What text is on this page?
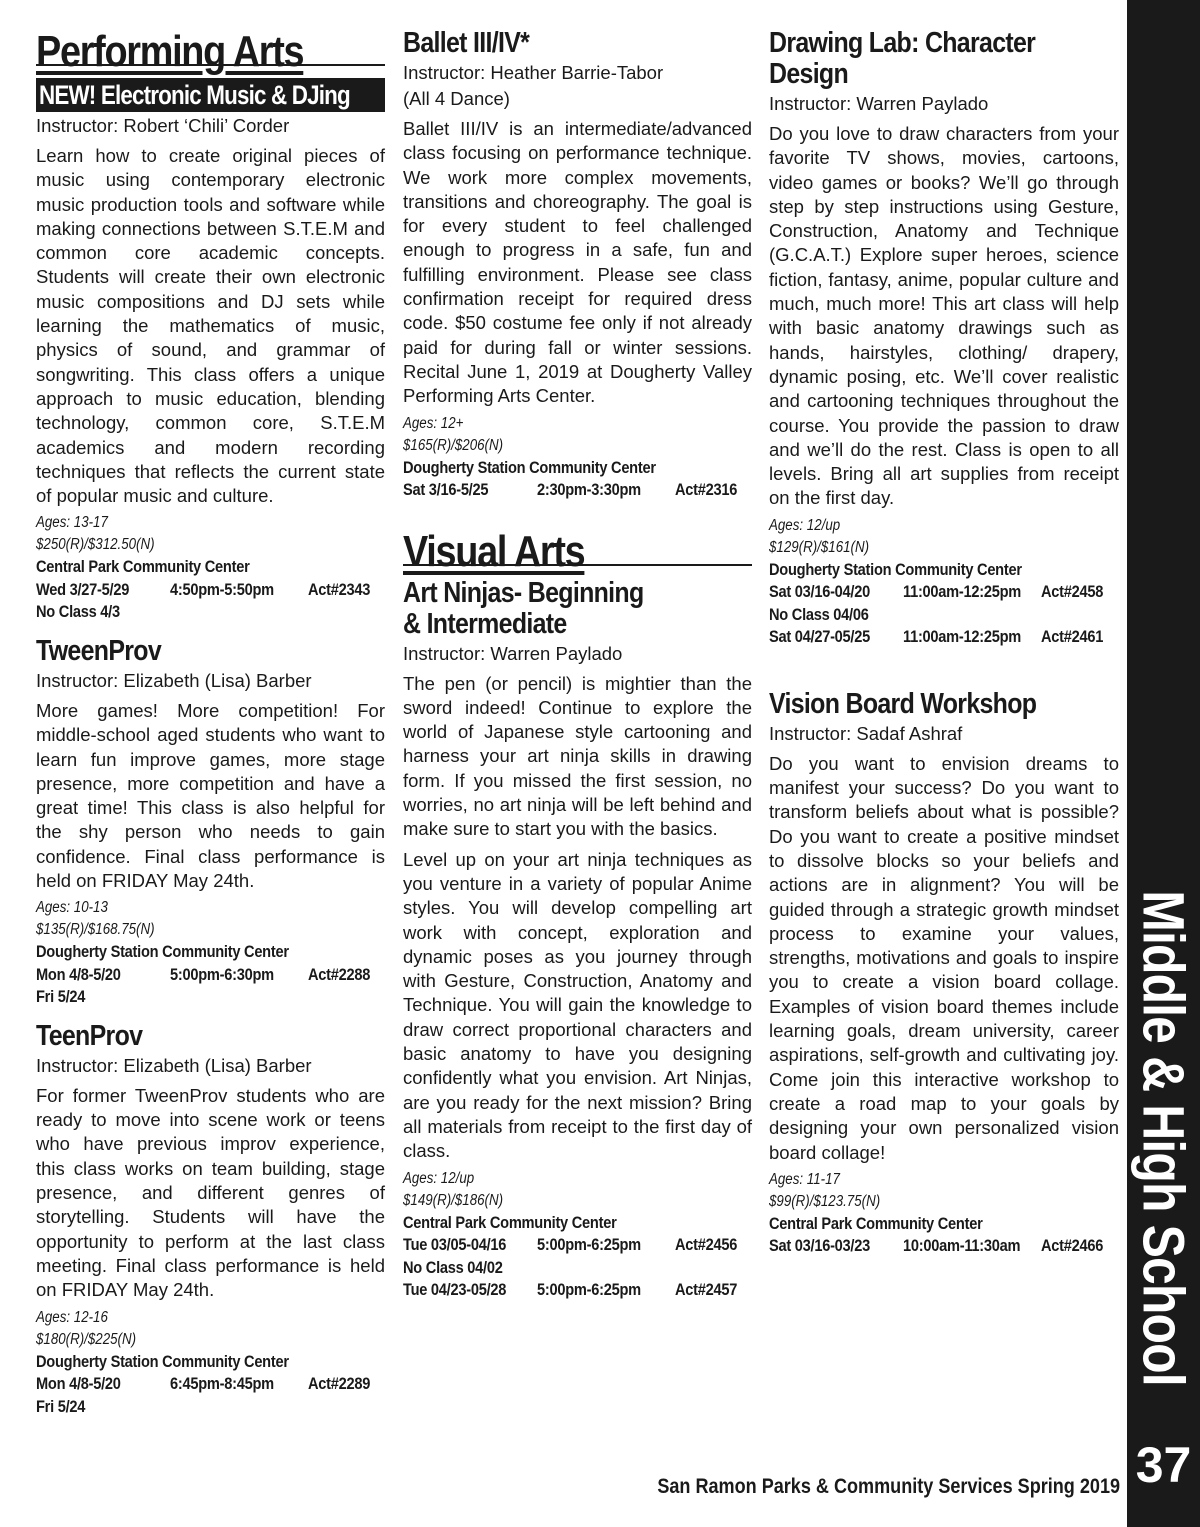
Performing Arts
NEW! Electronic Music & DJing
Instructor: Robert ‘Chili’ Corder
Learn how to create original pieces of music using contemporary electronic music production tools and software while making connections between S.T.E.M and common core academic concepts. Students will create their own electronic music compositions and DJ sets while learning the mathematics of music, physics of sound, and grammar of songwriting. This class offers a unique approach to music education, blending technology, common core, S.T.E.M academics and modern recording techniques that reflects the current state of popular music and culture.
Ages: 13-17
$250(R)/$312.50(N)
Central Park Community Center
Wed 3/27-5/29	4:50pm-5:50pm	Act#2343
No Class 4/3
TweenProv
Instructor: Elizabeth (Lisa) Barber
More games! More competition! For middle-school aged students who want to learn fun improve games, more stage presence, more competition and have a great time! This class is also helpful for the shy person who needs to gain confidence. Final class performance is held on FRIDAY May 24th.
Ages: 10-13
$135(R)/$168.75(N)
Dougherty Station Community Center
Mon 4/8-5/20	5:00pm-6:30pm	Act#2288
Fri 5/24
TeenProv
Instructor: Elizabeth (Lisa) Barber
For former TweenProv students who are ready to move into scene work or teens who have previous improv experience, this class works on team building, stage presence, and different genres of storytelling. Students will have the opportunity to perform at the last class meeting. Final class performance is held on FRIDAY May 24th.
Ages: 12-16
$180(R)/$225(N)
Dougherty Station Community Center
Mon 4/8-5/20	6:45pm-8:45pm	Act#2289
Fri 5/24
Ballet III/IV*
Instructor: Heather Barrie-Tabor
(All 4 Dance)
Ballet III/IV is an intermediate/advanced class focusing on performance technique. We work more complex movements, transitions and choreography. The goal is for every student to feel challenged enough to progress in a safe, fun and fulfilling environment. Please see class confirmation receipt for required dress code. $50 costume fee only if not already paid for during fall or winter sessions. Recital June 1, 2019 at Dougherty Valley Performing Arts Center.
Ages: 12+
$165(R)/$206(N)
Dougherty Station Community Center
Sat 3/16-5/25	2:30pm-3:30pm	Act#2316
Visual Arts
Art Ninjas- Beginning
& Intermediate
Instructor: Warren Paylado
The pen (or pencil) is mightier than the sword indeed! Continue to explore the world of Japanese style cartooning and harness your art ninja skills in drawing form. If you missed the first session, no worries, no art ninja will be left behind and make sure to start you with the basics.
Level up on your art ninja techniques as you venture in a variety of popular Anime styles. You will develop compelling art work with concept, exploration and dynamic poses as you journey through with Gesture, Construction, Anatomy and Technique. You will gain the knowledge to draw correct proportional characters and basic anatomy to have you designing confidently what you envision. Art Ninjas, are you ready for the next mission? Bring all materials from receipt to the first day of class.
Ages: 12/up
$149(R)/$186(N)
Central Park Community Center
Tue 03/05-04/16	5:00pm-6:25pm	Act#2456
No Class 04/02
Tue 04/23-05/28	5:00pm-6:25pm	Act#2457
Drawing Lab: Character
Design
Instructor: Warren Paylado
Do you love to draw characters from your favorite TV shows, movies, cartoons, video games or books? We’ll go through step by step instructions using Gesture, Construction, Anatomy and Technique (G.C.A.T.) Explore super heroes, science fiction, fantasy, anime, popular culture and much, much more! This art class will help with basic anatomy drawings such as hands, hairstyles, clothing/ drapery, dynamic posing, etc. We’ll cover realistic and cartooning techniques throughout the course. You provide the passion to draw and we’ll do the rest. Class is open to all levels. Bring all art supplies from receipt on the first day.
Ages: 12/up
$129(R)/$161(N)
Dougherty Station Community Center
Sat 03/16-04/20	11:00am-12:25pm Act#2458
No Class 04/06
Sat 04/27-05/25	11:00am-12:25pm Act#2461
Vision Board Workshop
Instructor: Sadaf Ashraf
Do you want to envision dreams to manifest your success? Do you want to transform beliefs about what is possible? Do you want to create a positive mindset to dissolve blocks so your beliefs and actions are in alignment? You will be guided through a strategic growth mindset process to examine your values, strengths, motivations and goals to inspire you to create a vision board collage. Examples of vision board themes include learning goals, dream university, career aspirations, self-growth and cultivating joy. Come join this interactive workshop to create a road map to your goals by designing your own personalized vision board collage!
Ages: 11-17
$99(R)/$123.75(N)
Central Park Community Center
Sat 03/16-03/23	10:00am-11:30am Act#2466 Middle & High School
37
San Ramon Parks & Community Services Spring 2019
